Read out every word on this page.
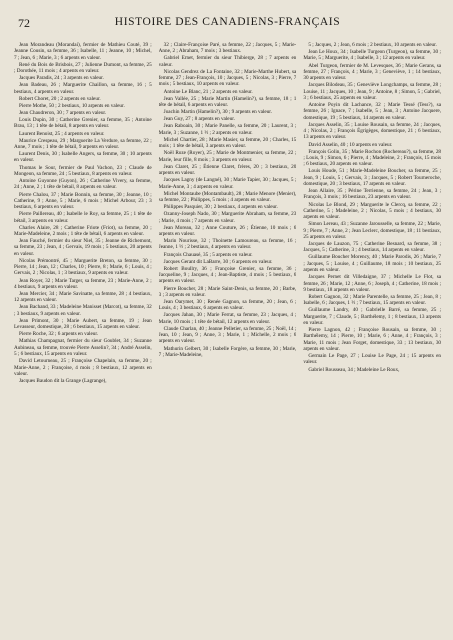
72	HISTOIRE DES CANADIENS-FRANÇAIS

Jean Morandeau (Morandai), fermier de Mathieu Couté, 39 ; Jeanne Cousin, sa femme, 36 ; Isabelle, 11 ; Jeanne, 10 ; Michel, 7 ; Jean, 6 ; Marie, 3 ; 6 arpents en valeur.

René du Bois de Brisbois, 27 ; Julienne Dumont, sa femme, 25 ; Dorothée, 11 mois ; 4 arpents en valeur.

Jacques Paradis, 24 ; 3 arpents en valeur.

Jean Badeau, 26 ; Marguerite Chaillon, sa femme, 16 ; 5 bestiaux, 4 arpents en valeur.

Robert Choret, 20 ; 2 arpents en valeur.

Pierre Mothe, 50 ; 2 bestiaux, 10 arpents en valeur.

Jean Chaudreron, 30 ; 7 arpents en valeur.

Louis Dupin, 30 ; Catherine Grenier, sa femme, 35 ; Antoine Brau, 13 ; 1 tête de bétail, 8 arpents en valeur.

Laurent Benoist, 25 ; 4 arpents en valeur.

Maurice Crespeau, 29 ; Marguerite La Verdure, sa femme, 22 ; Anne, 7 mois ; 1 tête de bétail, 9 arpents en valeur.

Laurent Denis, 30 ; Isabelle Angers, sa femme, 30 ; 10 arpents en valeur.

Thomas le Sour, fermier de Paul Vachon, 23 ; Claude de Mongeon, sa femme, 24 ; 5 bestiaux, 8 arpents en valeur.

Antoine Guyonne (Guyon), 26 ; Catherine Vivery, sa femme, 24 ; Anne, 2 ; 1 tête de bétail, 8 arpents en valeur.

Pierre Chalou, 37 ; Marie Bonnin, sa femme, 30 ; Jeanne, 10 ; Catherine, 9 ; Anne, 5 ; Marie, 6 mois ; Michel Arbour, 23 ; 3 bestiaux, 6 arpents en valeur.

Pierre Paillereau, 40 ; Isabelle le Roy, sa femme, 25 ; 1 tête de bétail, 3 arpents en valeur.

Charles Alaire, 28 ; Catherine Friote (Friot), sa femme, 20 ; Marie-Madeleine, 2 mois ; 1 tête de bétail, 6 arpents en valeur.

Jean Fauché, fermier du sieur Niel, 35 ; Jeanne de Richemont, sa femme, 23 ; Jean, 4 ; Gervais, 19 mois ; 5 bestiaux, 20 arpents en valeur.

Nicolas Prémontré, 45 ; Marguerite Breton, sa femme, 30 ; Pierre, 14 ; Jean, 12 ; Charles, 10 ; Pierre, 8 ; Marie, 6 ; Louis, 4 ; Gervais, 2 ; Nicolas, 1 ; 3 bestiaux, 9 arpents en valeur.

Jean Royer, 32 ; Marie Targer, sa femme, 23 ; Marie-Anne, 2 ; 4 bestiaux, 9 arpents en valeur.

Jean Mercier, 34 ; Marie Savinatte, sa femme, 28 ; 4 bestiaux, 12 arpents en valeur.

Jean Bachand, 33 ; Madeleine Manisset (Marcot), sa femme, 32 ; 3 bestiaux, 9 arpents en valeur.

Jean Primont, 30 ; Marie Aubert, sa femme, 19 ; Jean Levasseur, domestique, 28 ; 6 bestiaux, 15 arpents en valeur.

Pierre Roche, 32 ; 6 arpents en valeur.

Mathias Champagnat, fermier du sieur Goublet, 34 ; Suzanne Aubineau, sa femme, trouvée Pierre Asselin?, 34 ; André Asselin, 5 ; 6 bestiaux, 15 arpents en valeur.

David Letourneau, 25 ; Françoise Chapelain, sa femme, 20 ; Marie-Anne, 2 ; Françoise, 4 mois ; 8 bestiaux, 12 arpents en valeur.

Jacques Baudon dit la Grange (Lagrange),

32 ; Claire-Françoise Paré, sa femme, 22 ; Jacques, 5 ; Marie-Anne, 2 ; Abraham, 7 mois ; 3 bestiaux.

Gabriel Ernet, fermier du sieur Thibierge, 28 ; 7 arpents en valeur.

Nicolas Gendrez de La Fontaine, 32 ; Marie-Marthe Hubert, sa femme, 27 ; Jean-François, 10 ; Jacques, 5 ; Nicolas, 3 ; Pierre, 7 mois ; 5 bestiaux, 10 arpents en valeur.

Antoine Le Blanc, 21 ; 2 arpents en valeur.

Jean Vallée, 25 ; Marie Martin (Hamelin?), sa femme, 18 ; 1 tête de bétail, 6 arpents en valeur.

Joachin Martin (Hamelin?), 30 ; 9 arpents en valeur.

Jean Guy, 27 ; 8 arpents en valeur.

Jean Raboain, 30 ; Marie Panelle, sa femme, 20 ; Laurent, 3 ; Marie, 3 ; Suzanne, 1 ½ ; 2 arpents en valeur.

Michel Chartier, 28 ; Marie Masier, sa femme, 20 ; Charles, 15 mois ; 1 tête de bétail, 3 arpents en valeur.

Noël Roze (Royer), 25 ; Marie de Montmenier, sa femme, 22 ; Marie, leur fille, 8 mois ; 3 arpents en valeur.

Jean Claret, 25 ; Étienne Claret, frères, 20 ; 3 bestiaux, 20 arpents en valeur.

Jacques Lagny (de Langné), 30 ; Marie Tapier, 30 ; Jacques, 5 ; Marie-Anne, 3 ; 4 arpents en valeur.

Michel Montaube (Montambault), 28 ; Marie Menore (Menier), sa femme, 22 ; Philippes, 5 mois ; 4 arpents en valeur.

Philippes Pasquier, 30 ; 2 bestiaux, 4 arpents en valeur.

Ozanny-Joseph Nado, 30 ; Marguerite Abraham, sa femme, 23 ; Marie, 4 mois ; 7 arpents en valeur.

Jean Moreau, 32 ; Anne Couture, 26 ; Étienne, 10 mois ; 6 arpents en valeur.

Marin Nourisse, 32 ; Thoinette Lamoureau, sa femme, 16 ; Jeanne, 1 ½ ; 2 bestiaux, 4 arpents en valeur.

François Chauasé, 35 ; 5 arpents en valeur.

Jacques Gerant dit LaBarre, 30 ; 6 arpents en valeur.

Robert Boullry, 36 ; Françoise Grenier, sa femme, 36 ; Jacqueline, 9 ; Jacques, 4 ; Jean-Baptiste, 4 mois ; 5 bestiaux, 6 arpents en valeur.

Pierre Boucher, 28 ; Marie Saint-Denis, sa femme, 20 ; Barbe, 3 ; 3 arpents en valeur.

Jean Oarymet, 30 ; Renée Gagnon, sa femme, 20 ; Jean, 6 ; Louis, 4 ; 3 bestiaux, 6 arpents en valeur.

Jacques Jahan, 30 ; Marie Ferrat, sa femme, 23 ; Jacques, 4 ; Marie, 10 mois ; 1 tête de bétail, 12 arpents en valeur.

Claude Charlan, 40 ; Jeanne Pelletier, sa femme, 25 ; Noël, 14 ; Jean, 10 ; Jean, 9 ; Anne, 3 ; Marie, 1 ; Michelle, 2 mois ; 6 arpents en valeur.

Mathurin Gelbert, 30 ; Isabelle Forgère, sa femme, 30 ; Marie, 7 ; Marie-Madeleine,

5 ; Jacques, 2 ; Jean, 6 mois ; 2 bestiaux, 10 arpents en valeur.

Jean Le Houx, 34 ; Isabelle Turgeon (Turgeon), sa femme, 30 ; Marie, 5 ; Marguerite, 4 ; Isabelle, 3 ; 12 arpents en valeur.

Abel Turgeon, fermier de M. Levesques, 36 ; Marie Gerans, sa femme, 27 ; François, 4 ; Marie, 3 ; Geneviève, 1 ; 14 bestiaux, 30 arpents en valeur.

Jacques Bilodeau, 35 ; Geneviève Longchamps, sa femme, 28 ; Louise, 11 ; Jacques, 10 ; Jean, 9 ; Antoine, 8 ; Simon, 5 ; Gabriel, 3 ; 6 bestiaux, 25 arpents en valeur.

Antoine Poyin dit Lachance, 32 ; Marie Tessé (Tess?), sa femme, 26 ; Ignace, 7 ; Isabelle, 5 ; Jean, 3 ; Antoine Jacquere, domestique, 19 ; 5 bestiaux, 14 arpents en valeur.

Jacques Asselin, 35 ; Louise Rousain, sa femme, 24 ; Jacques, 4 ; Nicolas, 2 ; François Égrigèges, domestique, 21 ; 6 bestiaux, 13 arpents en valeur.

David Asselin, 40 ; 10 arpents en valeur.

François Golin, 35 ; Marie Rochon (Rochereau?), sa femme, 28 ; Louis, 9 ; Simon, 6 ; Pierre, 4 ; Madeleine, 2 ; François, 15 mois ; 6 bestiaux, 20 arpents en valeur.

Louis Houde, 51 ; Marie-Madeleine Boucher, sa femme, 25 ; Jean, 9 ; Louis, 5 ; Gervais, 3 ; Jacques, 5 ; Robert Tourneroche, domestique, 20 ; 3 bestiaux, 17 arpents en valeur.

Jean Allaire, 35 ; Périne Terrienne, sa femme, 24 ; Jean, 3 ; François, 3 mois ; 16 bestiaux, 23 arpents en valeur.

Nicolas Le Blond, 29 ; Marguerite le Clercq, sa femme, 22 ; Catherine, 5 ; Madeleine, 2 ; Nicolas, 5 mois ; 4 bestiaux, 30 arpents en valeur.

Simon Lereau, 43 ; Suzanne Jarousselle, sa femme, 22 ; Marie, 9 ; Pierre, 7 ; Anne, 2 ; Jean Leclerc, domestique, 18 ; 11 bestiaux, 25 arpents en valeur.

Jacques de Lauzon, 75 ; Catherine Besnard, sa femme, 38 ; Jacques, 5 ; Catherine, 3 ; 4 bestiaux, 14 arpents en valeur.

Guillaume Boucher Morency, 40 ; Marie Parodis, 26 ; Marie, 7 ; Jacques, 5 ; Louise, 4 ; Guillaume, 18 mois ; 10 bestiaux, 25 arpents en valeur.

Jacques Pernet dit Villedaigne, 37 ; Michelle Le Flot, sa femme, 26 ; Marie, 12 ; Anne, 6 ; Joseph, 4 ; Catherine, 18 mois ; 9 bestiaux, 18 arpents en valeur.

Robert Gagnon, 32 ; Marie Parentelle, sa femme, 25 ; Jean, 8 ; Isabelle, 6 ; Jacques, 1 ½ ; 7 bestiaux, 15 arpents en valeur.

Guillaume Landry, 40 ; Gabrielle Barré, sa femme, 25 ; Marguerite, 7 ; Claude, 5 ; Barthélemy, 1 ; 8 bestiaux, 13 arpents en valeur.

Pierre Lagnon, 42 ; Françoise Rousain, sa femme, 30 ; Barthélemy, 14 ; Pierre, 10 ; Marie, 6 ; Anne, 4 ; François, 3 ; Marie, 11 mois ; Jean Forget, domestique, 33 ; 13 bestiaux, 30 arpents en valeur.

Germain Le Page, 27 ; Louise Le Page, 24 ; 15 arpents en valeur.

Gabriel Rousseau, 34 ; Madeleine Le Roux,
